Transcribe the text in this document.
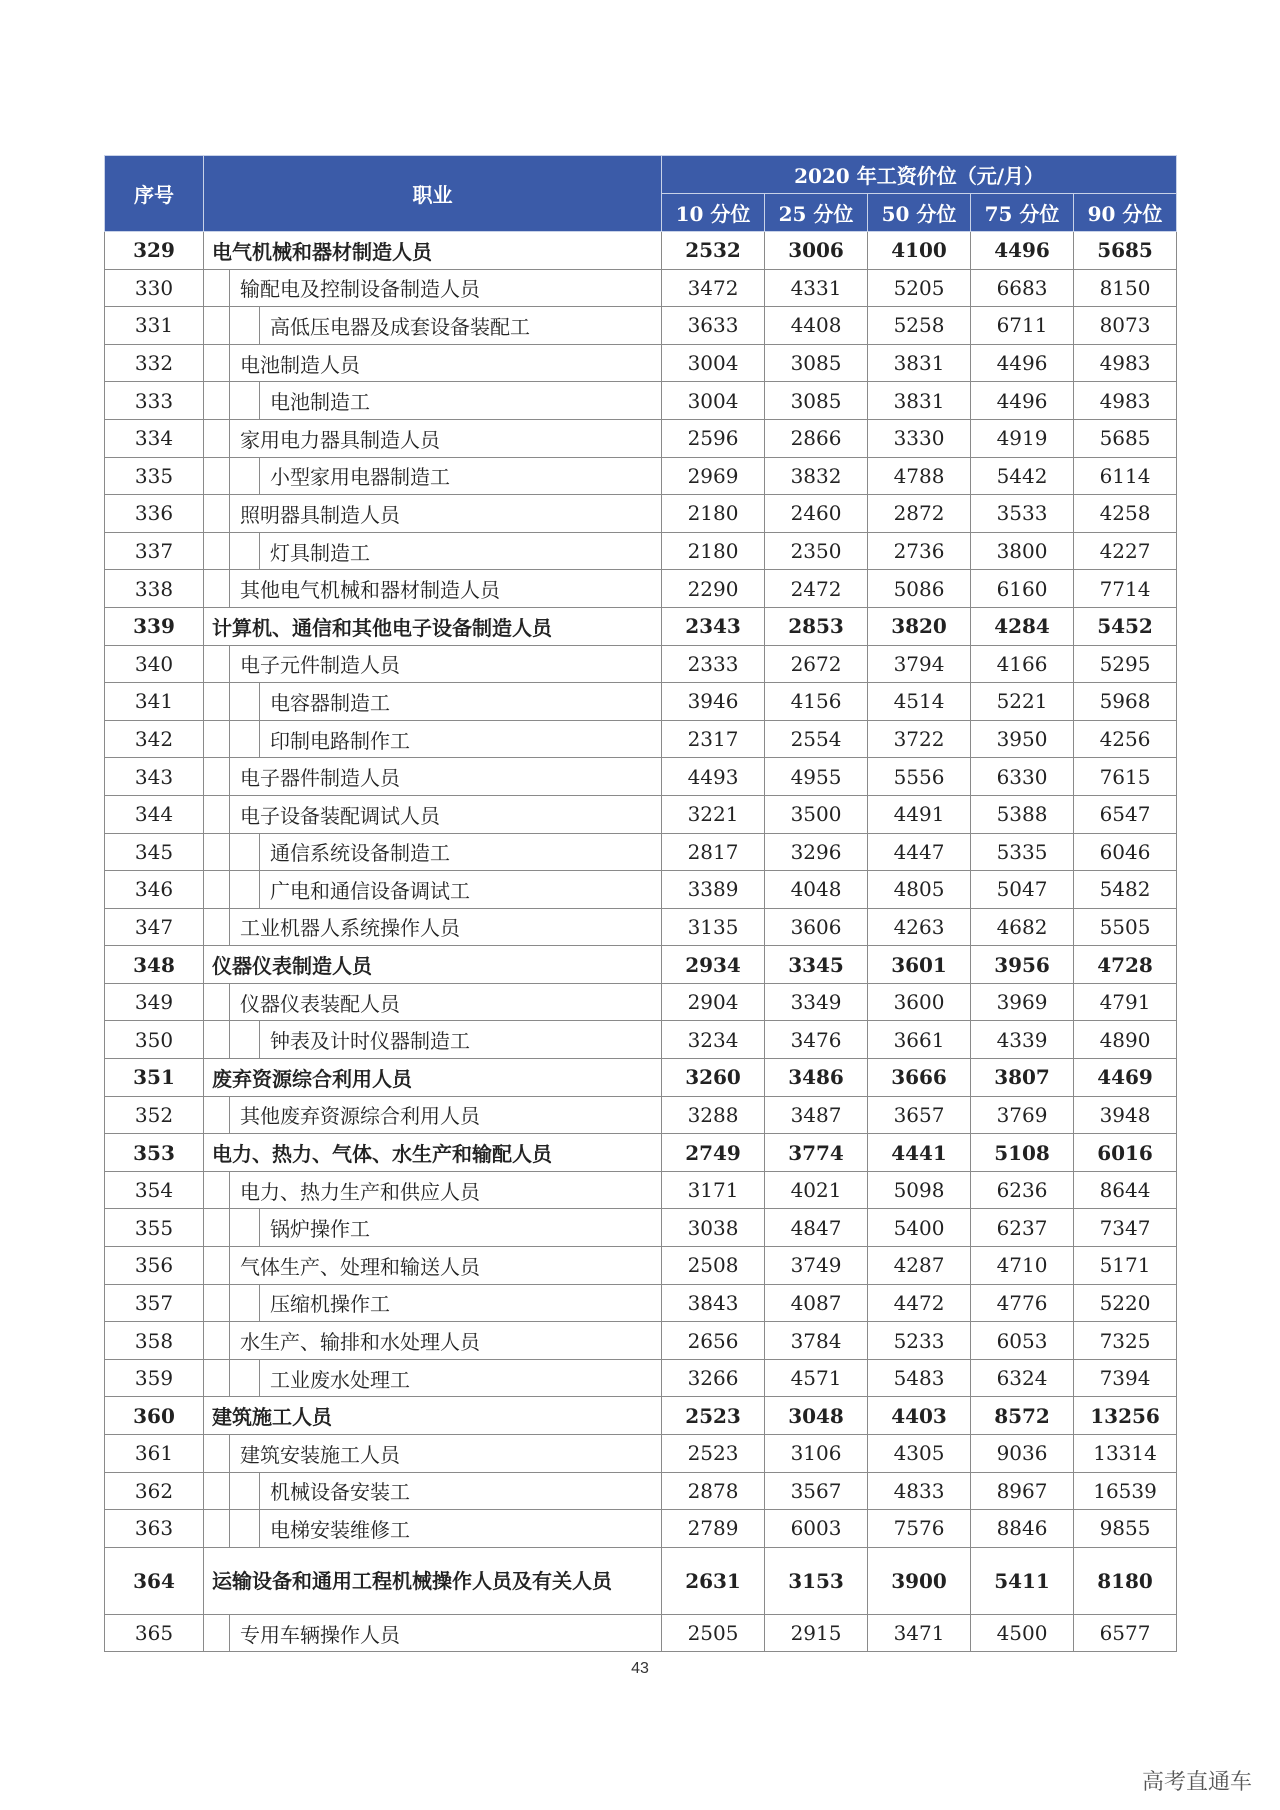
序号	职业			2020 年工资价位（元/月）				
				10 分位	25 分位	50 分位	75 分位	90 分位
329	电气机械和器材制造人员			2532	3006	4100	4496	5685
330		输配电及控制设备制造人员		3472	4331	5205	6683	8150
331			高低压电器及成套设备装配工	3633	4408	5258	6711	8073
332		电池制造人员		3004	3085	3831	4496	4983
333			电池制造工	3004	3085	3831	4496	4983
334		家用电力器具制造人员		2596	2866	3330	4919	5685
335			小型家用电器制造工	2969	3832	4788	5442	6114
336		照明器具制造人员		2180	2460	2872	3533	4258
337			灯具制造工	2180	2350	2736	3800	4227
338		其他电气机械和器材制造人员		2290	2472	5086	6160	7714
339	计算机、通信和其他电子设备制造人员			2343	2853	3820	4284	5452
340		电子元件制造人员		2333	2672	3794	4166	5295
341			电容器制造工	3946	4156	4514	5221	5968
342			印制电路制作工	2317	2554	3722	3950	4256
343		电子器件制造人员		4493	4955	5556	6330	7615
344		电子设备装配调试人员		3221	3500	4491	5388	6547
345			通信系统设备制造工	2817	3296	4447	5335	6046
346			广电和通信设备调试工	3389	4048	4805	5047	5482
347		工业机器人系统操作人员		3135	3606	4263	4682	5505
348	仪器仪表制造人员			2934	3345	3601	3956	4728
349		仪器仪表装配人员		2904	3349	3600	3969	4791
350			钟表及计时仪器制造工	3234	3476	3661	4339	4890
351	废弃资源综合利用人员			3260	3486	3666	3807	4469
352		其他废弃资源综合利用人员		3288	3487	3657	3769	3948
353	电力、热力、气体、水生产和输配人员			2749	3774	4441	5108	6016
354		电力、热力生产和供应人员		3171	4021	5098	6236	8644
355			锅炉操作工	3038	4847	5400	6237	7347
356		气体生产、处理和输送人员		2508	3749	4287	4710	5171
357			压缩机操作工	3843	4087	4472	4776	5220
358		水生产、输排和水处理人员		2656	3784	5233	6053	7325
359			工业废水处理工	3266	4571	5483	6324	7394
360	建筑施工人员			2523	3048	4403	8572	13256
361		建筑安装施工人员		2523	3106	4305	9036	13314
362			机械设备安装工	2878	3567	4833	8967	16539
363			电梯安装维修工	2789	6003	7576	8846	9855
364	运输设备和通用工程机械操作人员及有关人员			2631	3153	3900	5411	8180
365		专用车辆操作人员		2505	2915	3471	4500	6577
43
高考直通车
